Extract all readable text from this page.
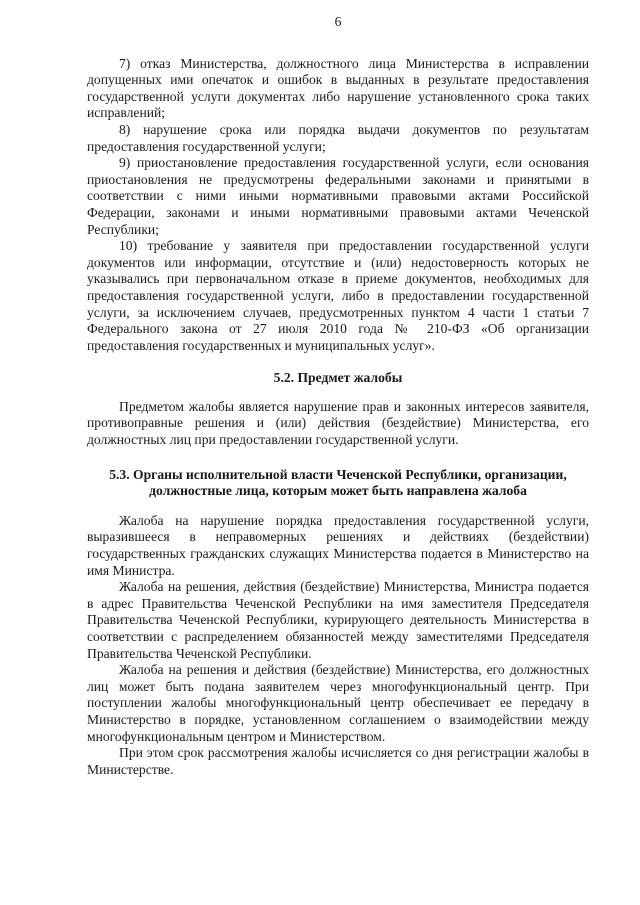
6

7) отказ Министерства, должностного лица Министерства в исправлении допущенных ими опечаток и ошибок в выданных в результате предоставления государственной услуги документах либо нарушение установленного срока таких исправлений;

8) нарушение срока или порядка выдачи документов по результатам предоставления государственной услуги;

9) приостановление предоставления государственной услуги, если основания приостановления не предусмотрены федеральными законами и принятыми в соответствии с ними иными нормативными правовыми актами Российской Федерации, законами и иными нормативными правовыми актами Чеченской Республики;

10) требование у заявителя при предоставлении государственной услуги документов или информации, отсутствие и (или) недостоверность которых не указывались при первоначальном отказе в приеме документов, необходимых для предоставления государственной услуги, либо в предоставлении государственной услуги, за исключением случаев, предусмотренных пунктом 4 части 1 статьи 7 Федерального закона от 27 июля 2010 года № 210-ФЗ «Об организации предоставления государственных и муниципальных услуг».

5.2. Предмет жалобы

Предметом жалобы является нарушение прав и законных интересов заявителя, противоправные решения и (или) действия (бездействие) Министерства, его должностных лиц при предоставлении государственной услуги.

5.3. Органы исполнительной власти Чеченской Республики, организации,
должностные лица, которым может быть направлена жалоба

Жалоба на нарушение порядка предоставления государственной услуги, выразившееся в неправомерных решениях и действиях (бездействии) государственных гражданских служащих Министерства подается в Министерство на имя Министра.

Жалоба на решения, действия (бездействие) Министерства, Министра подается в адрес Правительства Чеченской Республики на имя заместителя Председателя Правительства Чеченской Республики, курирующего деятельность Министерства в соответствии с распределением обязанностей между заместителями Председателя Правительства Чеченской Республики.

Жалоба на решения и действия (бездействие) Министерства, его должностных лиц может быть подана заявителем через многофункциональный центр. При поступлении жалобы многофункциональный центр обеспечивает ее передачу в Министерство в порядке, установленном соглашением о взаимодействии между многофункциональным центром и Министерством.

При этом срок рассмотрения жалобы исчисляется со дня регистрации жалобы в Министерстве.
